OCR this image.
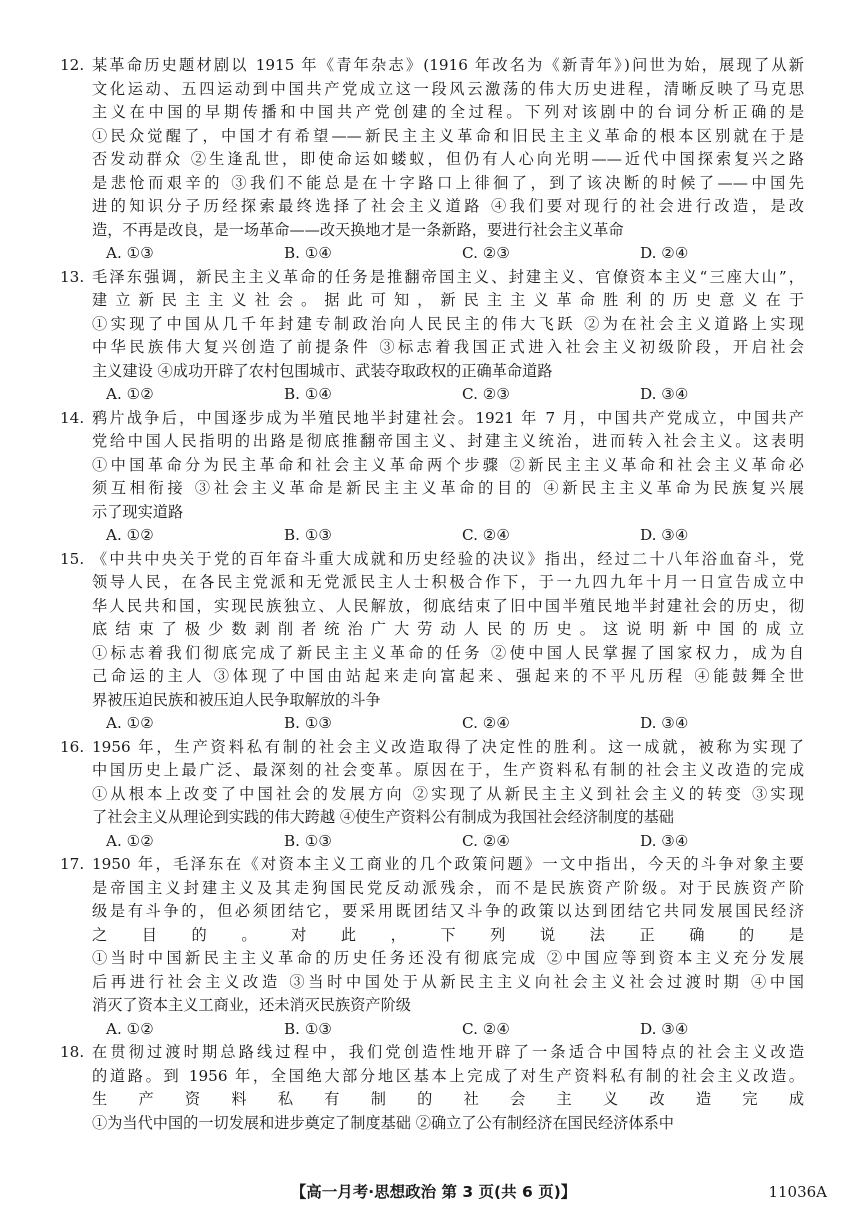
12. 某革命历史题材剧以 1915 年《青年杂志》(1916 年改名为《新青年》)问世为始，展现了从新
文化运动、五四运动到中国共产党成立这一段风云激荡的伟大历史进程，清晰反映了马克思
主义在中国的早期传播和中国共产党创建的全过程。下列对该剧中的台词分析正确的是
①民众觉醒了，中国才有希望——新民主主义革命和旧民主主义革命的根本区别就在于是
否发动群众 ②生逢乱世，即使命运如蝼蚁，但仍有人心向光明——近代中国探索复兴之路
是悲怆而艰辛的 ③我们不能总是在十字路口上徘徊了，到了该决断的时候了——中国先
进的知识分子历经探索最终选择了社会主义道路 ④我们要对现行的社会进行改造，是改
造，不再是改良，是一场革命——改天换地才是一条新路，要进行社会主义革命
A. ①③	B. ①④	C. ②③	D. ②④
13. 毛泽东强调，新民主主义革命的任务是推翻帝国主义、封建主义、官僚资本主义“三座大山”，
建立新民主主义社会。据此可知，新民主主义革命胜利的历史意义在于
①实现了中国从几千年封建专制政治向人民民主的伟大飞跃 ②为在社会主义道路上实现
中华民族伟大复兴创造了前提条件 ③标志着我国正式进入社会主义初级阶段，开启社会
主义建设 ④成功开辟了农村包围城市、武装夺取政权的正确革命道路
A. ①②	B. ①④	C. ②③	D. ③④
14. 鸦片战争后，中国逐步成为半殖民地半封建社会。1921 年 7 月，中国共产党成立，中国共产
党给中国人民指明的出路是彻底推翻帝国主义、封建主义统治，进而转入社会主义。这表明
①中国革命分为民主革命和社会主义革命两个步骤 ②新民主主义革命和社会主义革命必
须互相衔接 ③社会主义革命是新民主主义革命的目的 ④新民主主义革命为民族复兴展
示了现实道路
A. ①②	B. ①③	C. ②④	D. ③④
15. 《中共中央关于党的百年奋斗重大成就和历史经验的决议》指出，经过二十八年浴血奋斗，党
领导人民，在各民主党派和无党派民主人士积极合作下，于一九四九年十月一日宣告成立中
华人民共和国，实现民族独立、人民解放，彻底结束了旧中国半殖民地半封建社会的历史，彻
底结束了极少数剥削者统治广大劳动人民的历史。这说明新中国的成立
①标志着我们彻底完成了新民主主义革命的任务 ②使中国人民掌握了国家权力，成为自
己命运的主人 ③体现了中国由站起来走向富起来、强起来的不平凡历程 ④能鼓舞全世
界被压迫民族和被压迫人民争取解放的斗争
A. ①②	B. ①③	C. ②④	D. ③④
16. 1956 年，生产资料私有制的社会主义改造取得了决定性的胜利。这一成就，被称为实现了
中国历史上最广泛、最深刻的社会变革。原因在于，生产资料私有制的社会主义改造的完成
①从根本上改变了中国社会的发展方向 ②实现了从新民主主义到社会主义的转变 ③实现
了社会主义从理论到实践的伟大跨越 ④使生产资料公有制成为我国社会经济制度的基础
A. ①②	B. ①③	C. ②④	D. ③④
17. 1950 年，毛泽东在《对资本主义工商业的几个政策问题》一文中指出，今天的斗争对象主要
是帝国主义封建主义及其走狗国民党反动派残余，而不是民族资产阶级。对于民族资产阶
级是有斗争的，但必须团结它，要采用既团结又斗争的政策以达到团结它共同发展国民经济
之目的。对此，下列说法正确的是
①当时中国新民主主义革命的历史任务还没有彻底完成 ②中国应等到资本主义充分发展
后再进行社会主义改造 ③当时中国处于从新民主主义向社会主义社会过渡时期 ④中国
消灭了资本主义工商业，还未消灭民族资产阶级
A. ①②	B. ①③	C. ②④	D. ③④
18. 在贯彻过渡时期总路线过程中，我们党创造性地开辟了一条适合中国特点的社会主义改造
的道路。到 1956 年，全国绝大部分地区基本上完成了对生产资料私有制的社会主义改造。
生产资料私有制的社会主义改造完成
①为当代中国的一切发展和进步奠定了制度基础 ②确立了公有制经济在国民经济体系中
【高一月考·思想政治 第 3 页(共 6 页)】	11036A
